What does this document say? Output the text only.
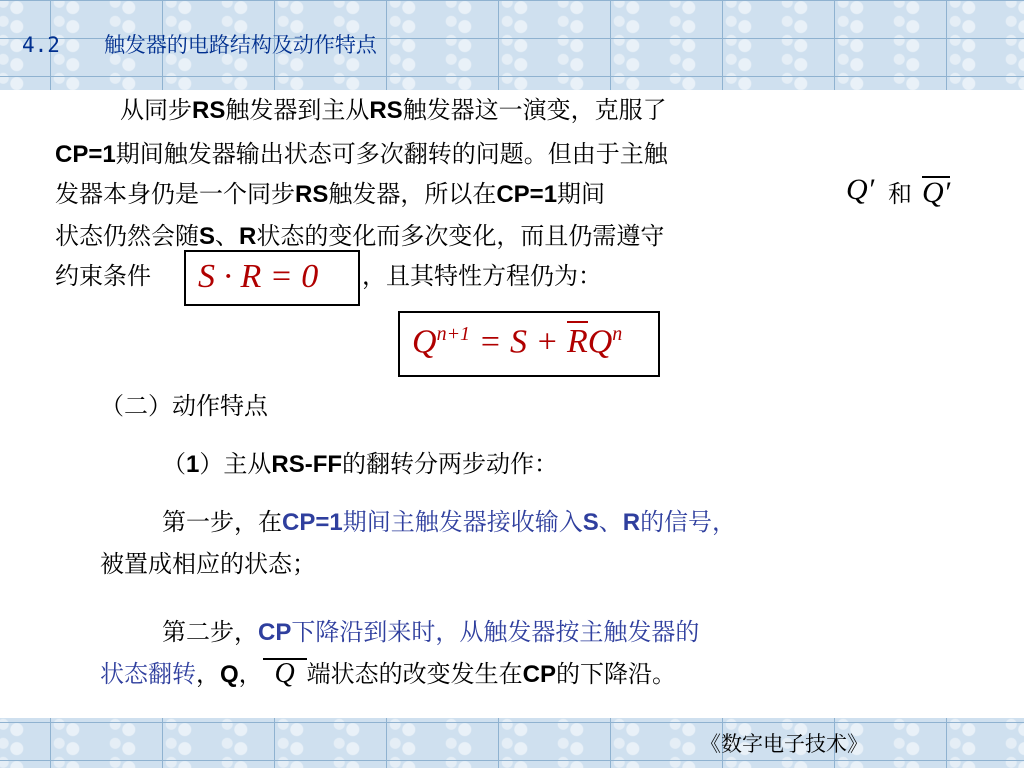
4.2 触发器的电路结构及动作特点
从同步RS触发器到主从RS触发器这一演变，克服了
CP=1期间触发器输出状态可多次翻转的问题。但由于主触
发器本身仍是一个同步RS触发器，所以在CP=1期间	Q′ 和 Q′
状态仍然会随S、R状态的变化而多次变化，而且仍需遵守
约束条件 S · R = 0 ，且其特性方程仍为：
$Q^{n+1} = S + RQ^n$
（二）动作特点
（1）主从RS-FF的翻转分两步动作：
第一步，在CP=1期间主触发器接收输入S、R的信号，
被置成相应的状态；
第二步，CP下降沿到来时，从触发器按主触发器的
状态翻转，Q， Q 端状态的改变发生在CP的下降沿。
《数字电子技术》
